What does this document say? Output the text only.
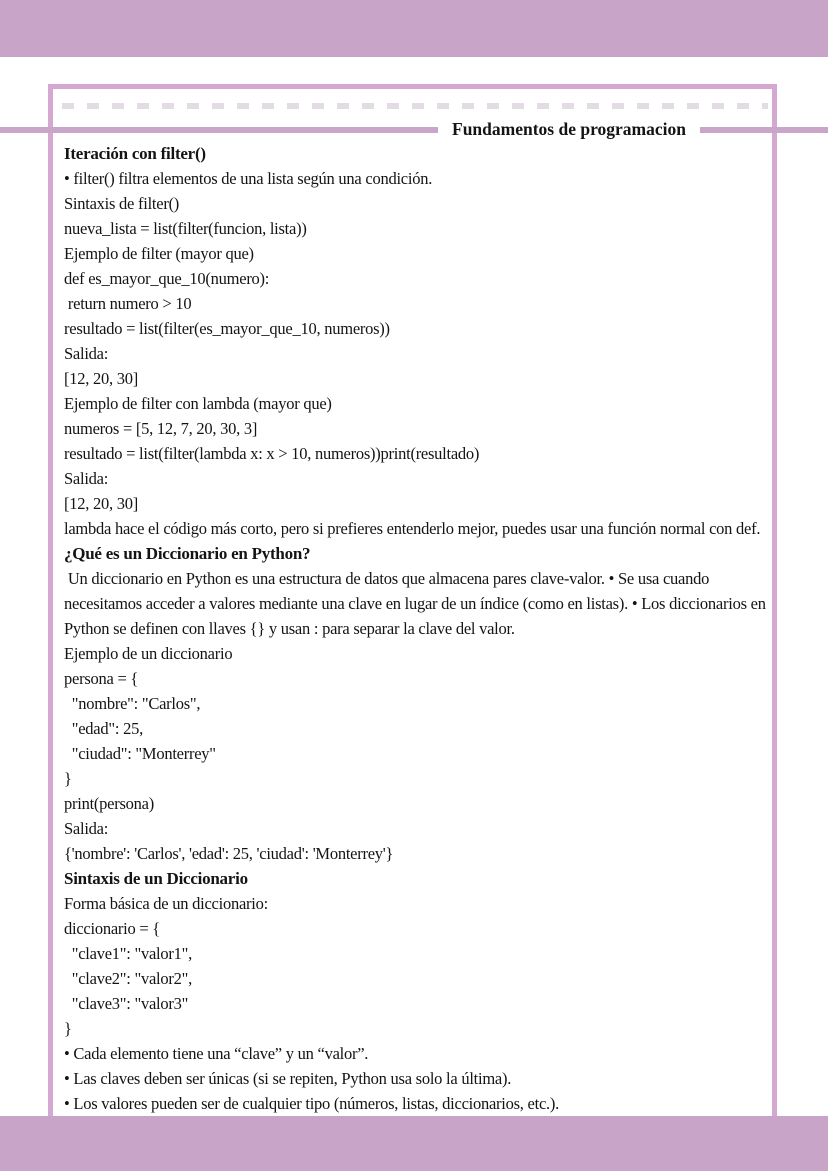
Fundamentos de programacion
Iteración con filter()
• filter() filtra elementos de una lista según una condición.
Sintaxis de filter()
nueva_lista = list(filter(funcion, lista))
Ejemplo de filter (mayor que)
def es_mayor_que_10(numero):
return numero > 10
resultado = list(filter(es_mayor_que_10, numeros))
Salida:
[12, 20, 30]
Ejemplo de filter con lambda (mayor que)
numeros = [5, 12, 7, 20, 30, 3]
resultado = list(filter(lambda x: x > 10, numeros))print(resultado)
Salida:
[12, 20, 30]
lambda hace el código más corto, pero si prefieres entenderlo mejor, puedes usar una función normal con def.
¿Qué es un Diccionario en Python?
Un diccionario en Python es una estructura de datos que almacena pares clave-valor. • Se usa cuando
necesitamos acceder a valores mediante una clave en lugar de un índice (como en listas). • Los diccionarios en
Python se definen con llaves {} y usan : para separar la clave del valor.
Ejemplo de un diccionario
persona = {
"nombre": "Carlos",
"edad": 25,
"ciudad": "Monterrey"
}
print(persona)
Salida:
{'nombre': 'Carlos', 'edad': 25, 'ciudad': 'Monterrey'}
Sintaxis de un Diccionario
Forma básica de un diccionario:
diccionario = {
"clave1": "valor1",
"clave2": "valor2",
"clave3": "valor3"
}
• Cada elemento tiene una “clave” y un “valor”.
• Las claves deben ser únicas (si se repiten, Python usa solo la última).
• Los valores pueden ser de cualquier tipo (números, listas, diccionarios, etc.).
